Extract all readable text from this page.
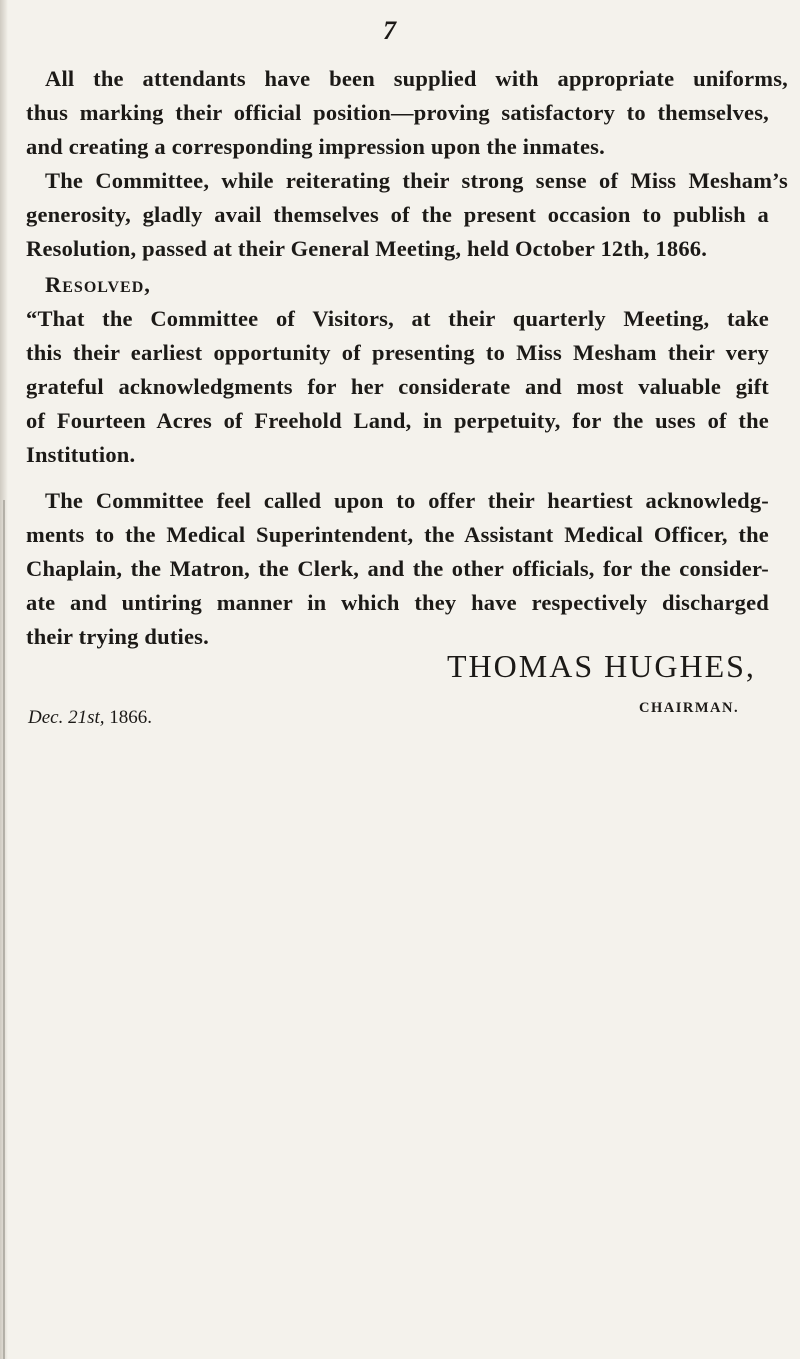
7
All the attendants have been supplied with appropriate uniforms,
thus marking their official position—proving satisfactory to themselves,
and creating a corresponding impression upon the inmates.
The Committee, while reiterating their strong sense of Miss Mesham’s
generosity, gladly avail themselves of the present occasion to publish a
Resolution, passed at their General Meeting, held October 12th, 1866.
Resolved,
“That the Committee of Visitors, at their quarterly Meeting, take
this their earliest opportunity of presenting to Miss Mesham their very
grateful acknowledgments for her considerate and most valuable gift
of Fourteen Acres of Freehold Land, in perpetuity, for the uses of the
Institution.
The Committee feel called upon to offer their heartiest acknowledg-
ments to the Medical Superintendent, the Assistant Medical Officer, the
Chaplain, the Matron, the Clerk, and the other officials, for the consider-
ate and untiring manner in which they have respectively discharged
their trying duties.
THOMAS HUGHES,
CHAIRMAN.
Dec. 21st, 1866.
